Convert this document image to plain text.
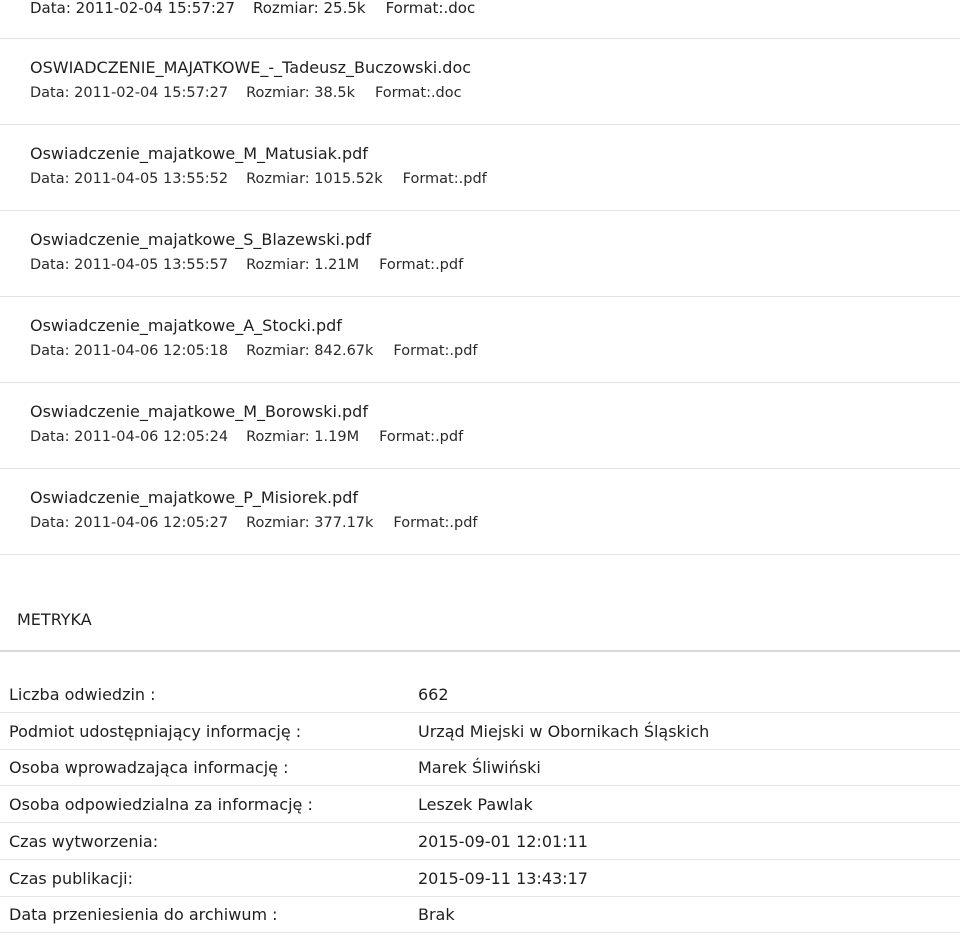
Data: 2011-02-04 15:57:27 Rozmiar: 25.5k Format:.doc
OSWIADCZENIE_MAJATKOWE_-_Tadeusz_Buczowski.doc
Data: 2011-02-04 15:57:27 Rozmiar: 38.5k Format:.doc
Oswiadczenie_majatkowe_M_Matusiak.pdf
Data: 2011-04-05 13:55:52 Rozmiar: 1015.52k Format:.pdf
Oswiadczenie_majatkowe_S_Blazewski.pdf
Data: 2011-04-05 13:55:57 Rozmiar: 1.21M Format:.pdf
Oswiadczenie_majatkowe_A_Stocki.pdf
Data: 2011-04-06 12:05:18 Rozmiar: 842.67k Format:.pdf
Oswiadczenie_majatkowe_M_Borowski.pdf
Data: 2011-04-06 12:05:24 Rozmiar: 1.19M Format:.pdf
Oswiadczenie_majatkowe_P_Misiorek.pdf
Data: 2011-04-06 12:05:27 Rozmiar: 377.17k Format:.pdf
METRYKA
Liczba odwiedzin :	662
Podmiot udostępniający informację :	Urząd Miejski w Obornikach Śląskich
Osoba wprowadzająca informację :	Marek Śliwiński
Osoba odpowiedzialna za informację :	Leszek Pawlak
Czas wytworzenia:	2015-09-01 12:01:11
Czas publikacji:	2015-09-11 13:43:17
Data przeniesienia do archiwum :	Brak
